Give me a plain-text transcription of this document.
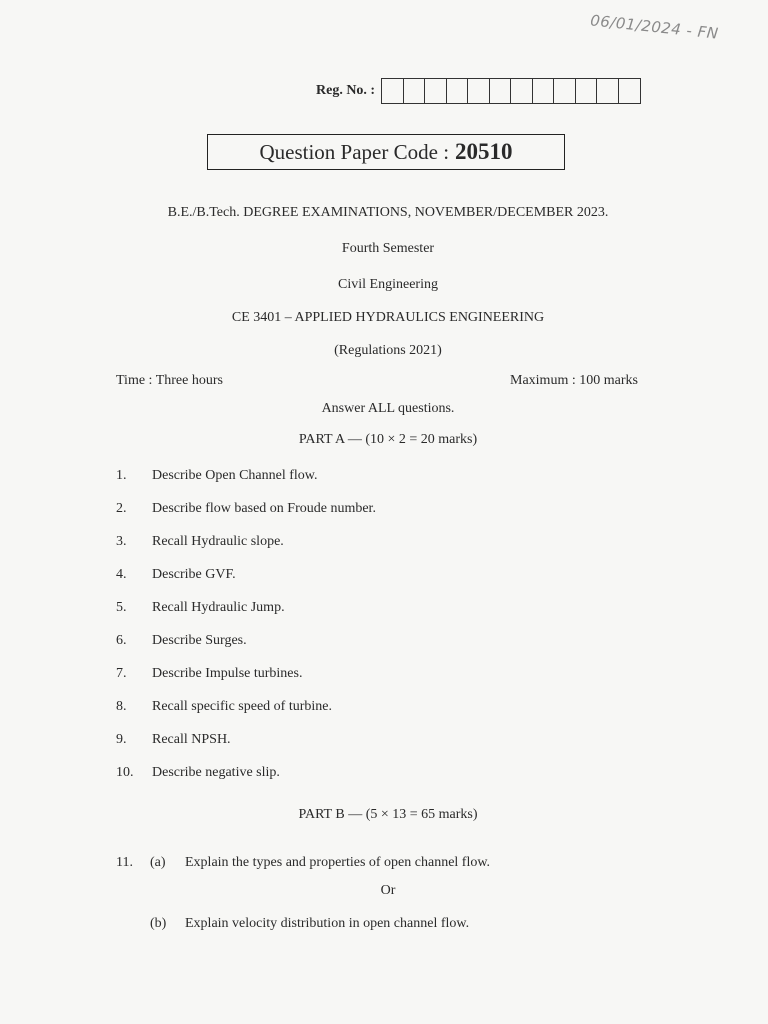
06/01/2024 - FN
Reg. No. :
Question Paper Code : 20510
B.E./B.Tech. DEGREE EXAMINATIONS, NOVEMBER/DECEMBER 2023.
Fourth Semester
Civil Engineering
CE 3401 – APPLIED HYDRAULICS ENGINEERING
(Regulations 2021)
Time : Three hours	Maximum : 100 marks
Answer ALL questions.
PART A — (10 × 2 = 20 marks)
1. Describe Open Channel flow.
2. Describe flow based on Froude number.
3. Recall Hydraulic slope.
4. Describe GVF.
5. Recall Hydraulic Jump.
6. Describe Surges.
7. Describe Impulse turbines.
8. Recall specific speed of turbine.
9. Recall NPSH.
10. Describe negative slip.
PART B — (5 × 13 = 65 marks)
11. (a) Explain the types and properties of open channel flow.
Or
(b) Explain velocity distribution in open channel flow.
